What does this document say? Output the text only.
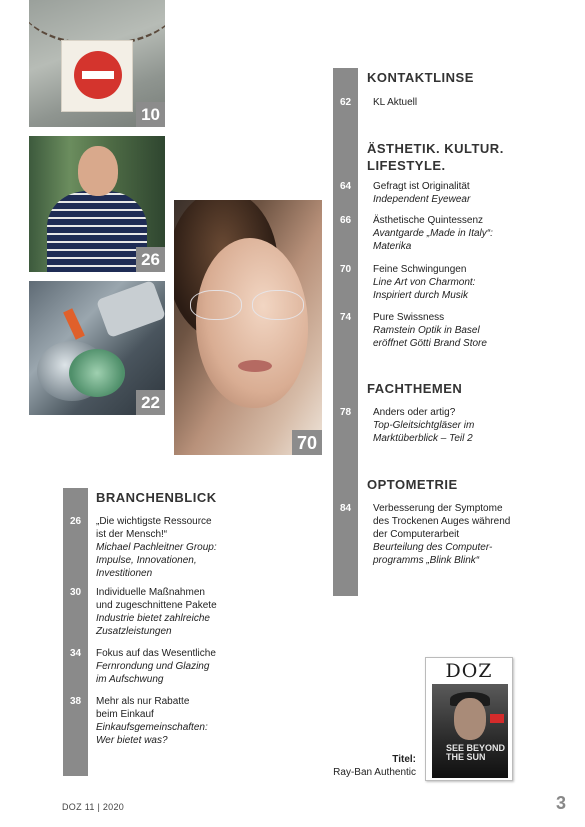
10
26
22
70
KONTAKTLINSE
62	KL Aktuell
ÄSTHETIK. KULTUR.
LIFESTYLE.
64	Gefragt ist Originalität
Independent Eyewear
66	Ästhetische Quintessenz
Avantgarde „Made in Italy“:
Materika
70	Feine Schwingungen
Line Art von Charmont:
Inspiriert durch Musik
74	Pure Swissness
Ramstein Optik in Basel
eröffnet Götti Brand Store
FACHTHEMEN
78	Anders oder artig?
Top-Gleitsichtgläser im
Marktüberblick – Teil 2
OPTOMETRIE
84	Verbesserung der Symptome
des Trockenen Auges während
der Computerarbeit
Beurteilung des Computer-
programms „Blink Blink“
BRANCHENBLICK
26	„Die wichtigste Ressource
ist der Mensch!“
Michael Pachleitner Group:
Impulse, Innovationen,
Investitionen
30	Individuelle Maßnahmen
und zugeschnittene Pakete
Industrie bietet zahlreiche
Zusatzleistungen
34	Fokus auf das Wesentliche
Fernrondung und Glazing
im Aufschwung
38	Mehr als nur Rabatte
beim Einkauf
Einkaufsgemeinschaften:
Wer bietet was?
DOZ
SEE BEYOND
THE SUN
Titel:
Ray-Ban Authentic
DOZ 11 | 2020	3
